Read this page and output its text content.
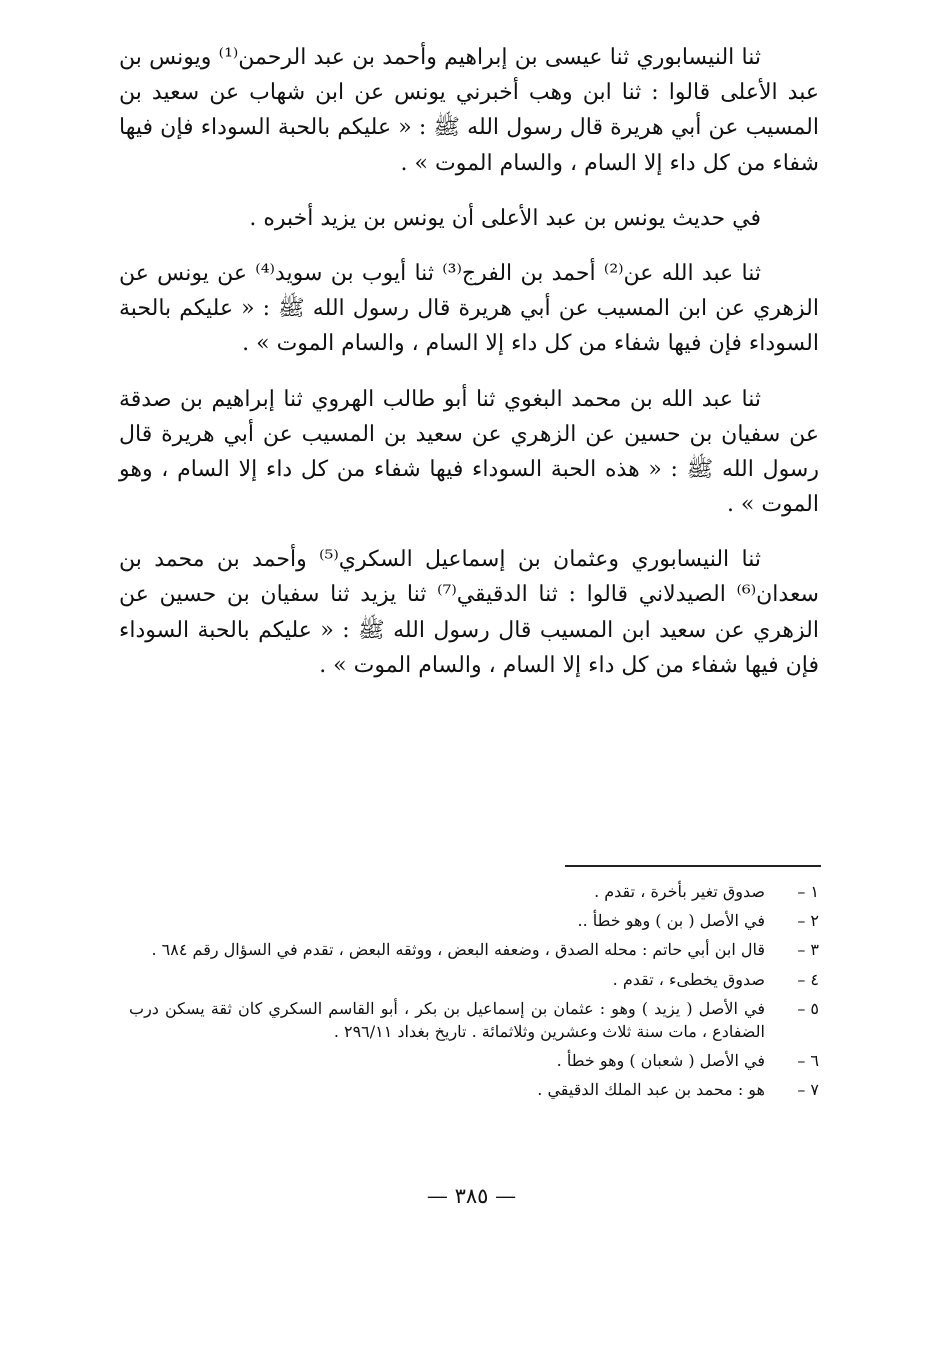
ثنا النيسابوري ثنا عيسى بن إبراهيم وأحمد بن عبد الرحمن⁽¹⁾ ويونس بن عبد الأعلى قالوا : ثنا ابن وهب أخبرني يونس عن ابن شهاب عن سعيد بن المسيب عن أبي هريرة قال رسول الله ﷺ : « عليكم بالحبة السوداء فإن فيها شفاء من كل داء إلا السام ، والسام الموت » .

في حديث يونس بن عبد الأعلى أن يونس بن يزيد أخبره .

ثنا عبد الله عن⁽²⁾ أحمد بن الفرج⁽³⁾ ثنا أيوب بن سويد⁽⁴⁾ عن يونس عن الزهري عن ابن المسيب عن أبي هريرة قال رسول الله ﷺ : « عليكم بالحبة السوداء فإن فيها شفاء من كل داء إلا السام ، والسام الموت » .

ثنا عبد الله بن محمد البغوي ثنا أبو طالب الهروي ثنا إبراهيم بن صدقة عن سفيان بن حسين عن الزهري عن سعيد بن المسيب عن أبي هريرة قال رسول الله ﷺ : « هذه الحبة السوداء فيها شفاء من كل داء إلا السام ، وهو الموت » .

ثنا النيسابوري وعثمان بن إسماعيل السكري⁽⁵⁾ وأحمد بن محمد بن سعدان⁽⁶⁾ الصيدلاني قالوا : ثنا الدقيقي⁽⁷⁾ ثنا يزيد ثنا سفيان بن حسين عن الزهري عن سعيد ابن المسيب قال رسول الله ﷺ : « عليكم بالحبة السوداء فإن فيها شفاء من كل داء إلا السام ، والسام الموت » .

١ –
صدوق تغير بأخرة ، تقدم .
٢ –
في الأصل ( بن ) وهو خطأ ..
٣ –
قال ابن أبي حاتم : محله الصدق ، وضعفه البعض ، ووثقه البعض ، تقدم في السؤال رقم ٦٨٤ .
٤ –
صدوق يخطىء ، تقدم .
٥ –
في الأصل ( يزيد ) وهو : عثمان بن إسماعيل بن بكر ، أبو القاسم السكري كان ثقة يسكن درب الضفادع ، مات سنة ثلاث وعشرين وثلاثمائة . تاريخ بغداد ٢٩٦/١١ .
٦ –
في الأصل ( شعبان ) وهو خطأ .
٧ –
هو : محمد بن عبد الملك الدقيقي .
— ٣٨٥ —
